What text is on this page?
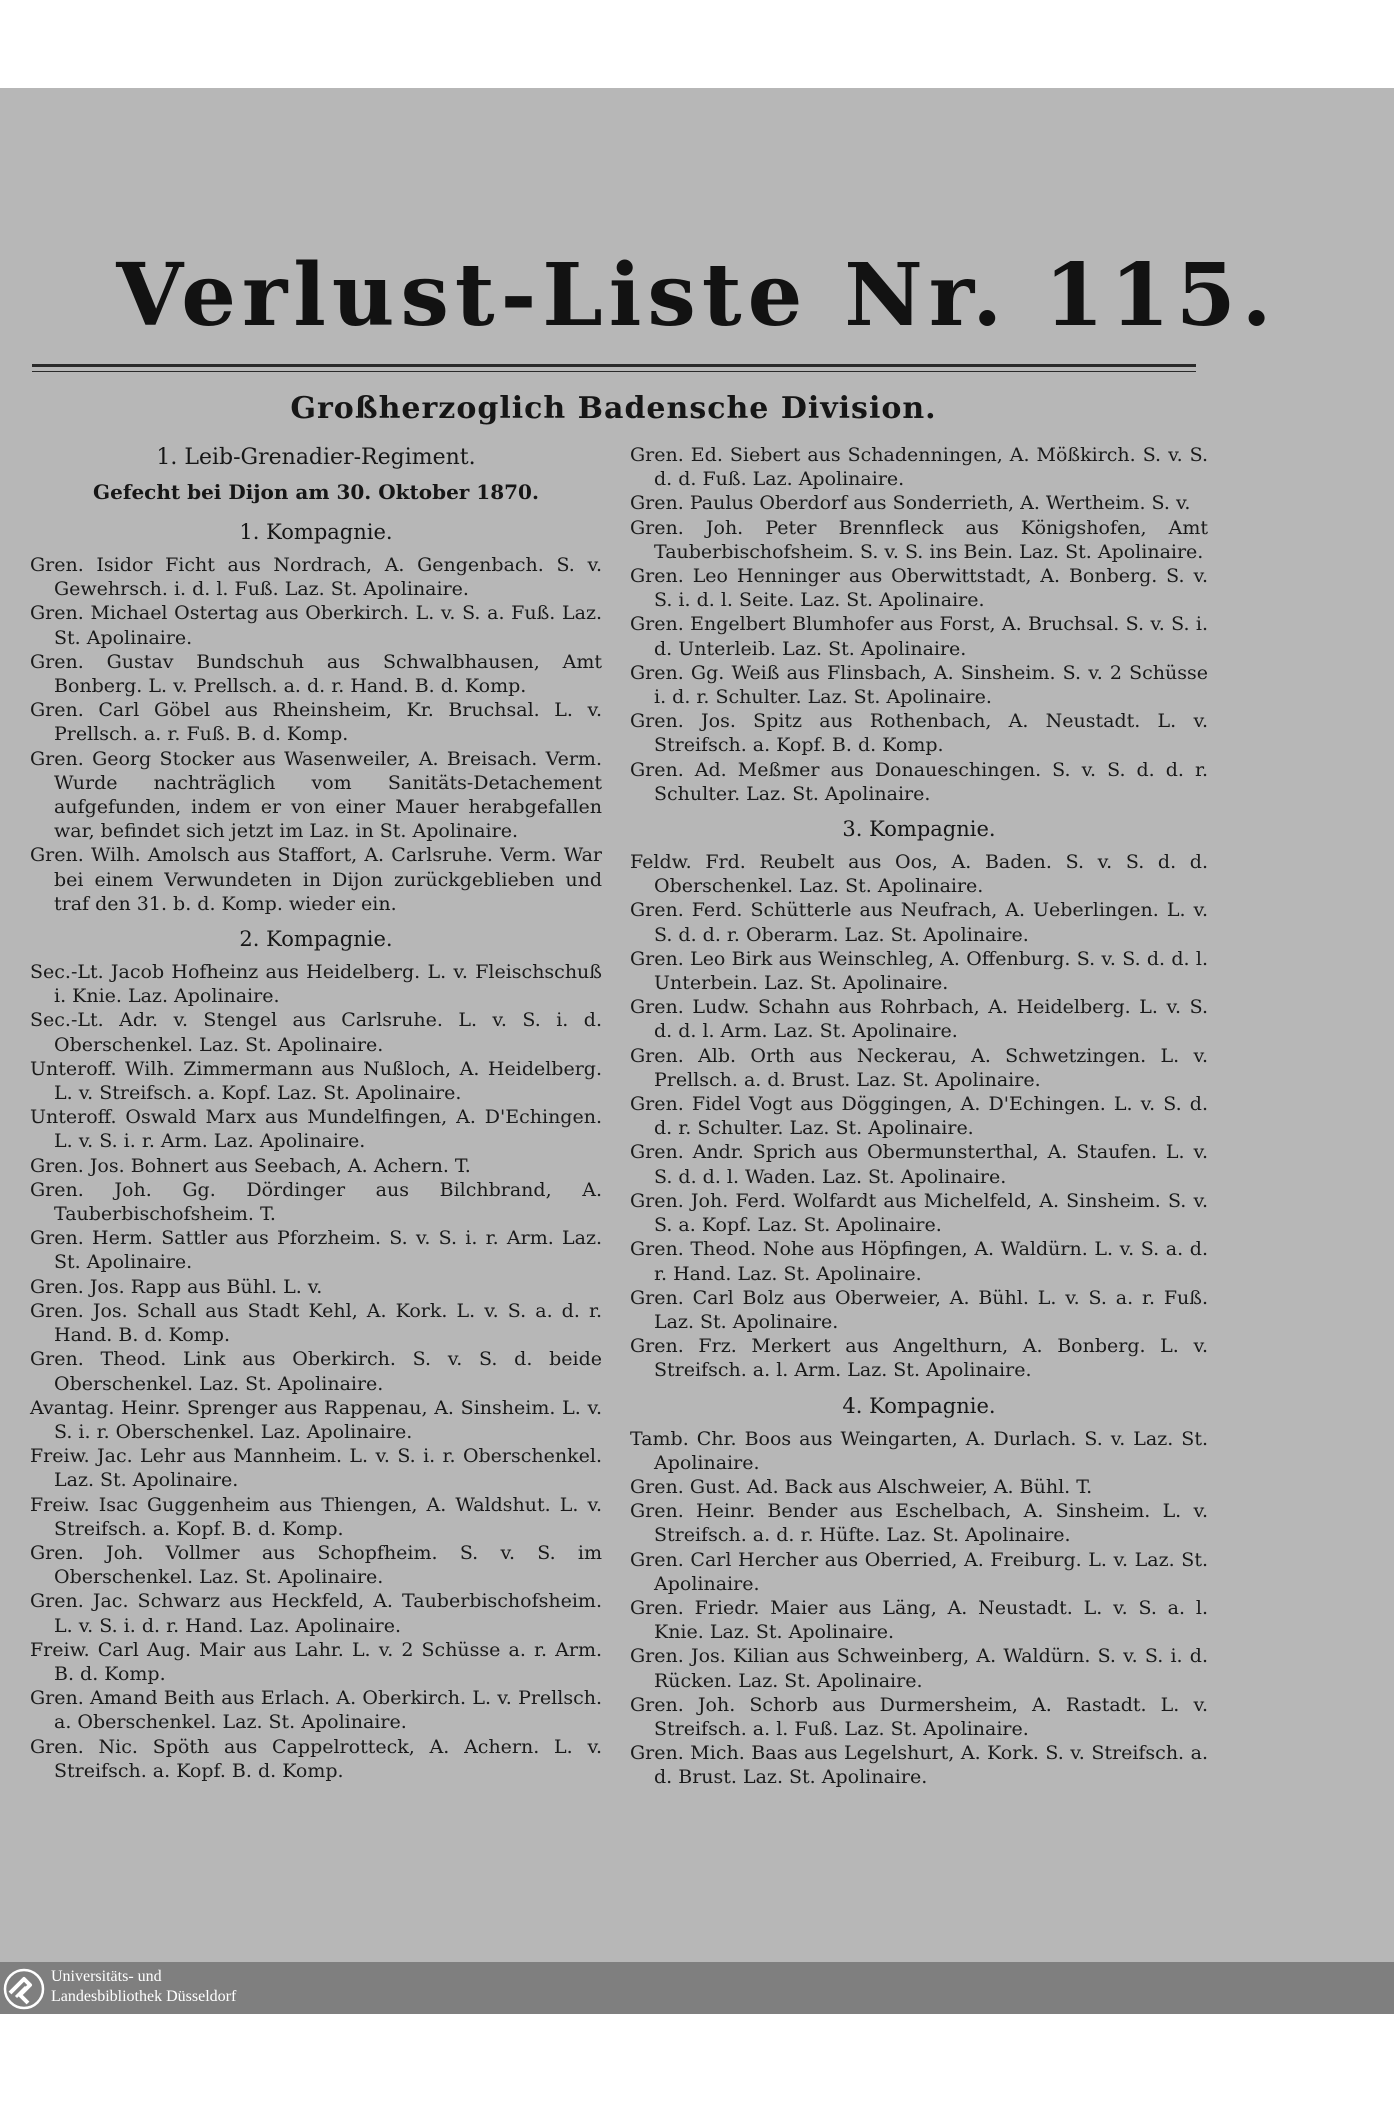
Verlust-Liste Nr. 115.
Großherzoglich Badensche Division.

1. Leib-Grenadier-Regiment.

Gefecht bei Dijon am 30. Oktober 1870.

1. Kompagnie.

Gren. Isidor Ficht aus Nordrach, A. Gengenbach. S. v. Gewehrsch. i. d. l. Fuß. Laz. St. Apolinaire.

Gren. Michael Ostertag aus Oberkirch. L. v. S. a. Fuß. Laz. St. Apolinaire.

Gren. Gustav Bundschuh aus Schwalbhausen, Amt Bonberg. L. v. Prellsch. a. d. r. Hand. B. d. Komp.

Gren. Carl Göbel aus Rheinsheim, Kr. Bruchsal. L. v. Prellsch. a. r. Fuß. B. d. Komp.

Gren. Georg Stocker aus Wasenweiler, A. Breisach. Verm. Wurde nachträglich vom Sanitäts-Detachement aufgefunden, indem er von einer Mauer herabgefallen war, befindet sich jetzt im Laz. in St. Apolinaire.

Gren. Wilh. Amolsch aus Staffort, A. Carlsruhe. Verm. War bei einem Verwundeten in Dijon zurückgeblieben und traf den 31. b. d. Komp. wieder ein.

2. Kompagnie.

Sec.-Lt. Jacob Hofheinz aus Heidelberg. L. v. Fleischschuß i. Knie. Laz. Apolinaire.

Sec.-Lt. Adr. v. Stengel aus Carlsruhe. L. v. S. i. d. Oberschenkel. Laz. St. Apolinaire.

Unteroff. Wilh. Zimmermann aus Nußloch, A. Heidelberg. L. v. Streifsch. a. Kopf. Laz. St. Apolinaire.

Unteroff. Oswald Marx aus Mundelfingen, A. D'Echingen. L. v. S. i. r. Arm. Laz. Apolinaire.

Gren. Jos. Bohnert aus Seebach, A. Achern. T.

Gren. Joh. Gg. Dördinger aus Bilchbrand, A. Tauberbischofsheim. T.

Gren. Herm. Sattler aus Pforzheim. S. v. S. i. r. Arm. Laz. St. Apolinaire.

Gren. Jos. Rapp aus Bühl. L. v.

Gren. Jos. Schall aus Stadt Kehl, A. Kork. L. v. S. a. d. r. Hand. B. d. Komp.

Gren. Theod. Link aus Oberkirch. S. v. S. d. beide Oberschenkel. Laz. St. Apolinaire.

Avantag. Heinr. Sprenger aus Rappenau, A. Sinsheim. L. v. S. i. r. Oberschenkel. Laz. Apolinaire.

Freiw. Jac. Lehr aus Mannheim. L. v. S. i. r. Oberschenkel. Laz. St. Apolinaire.

Freiw. Isac Guggenheim aus Thiengen, A. Waldshut. L. v. Streifsch. a. Kopf. B. d. Komp.

Gren. Joh. Vollmer aus Schopfheim. S. v. S. im Oberschenkel. Laz. St. Apolinaire.

Gren. Jac. Schwarz aus Heckfeld, A. Tauberbischofsheim. L. v. S. i. d. r. Hand. Laz. Apolinaire.

Freiw. Carl Aug. Mair aus Lahr. L. v. 2 Schüsse a. r. Arm. B. d. Komp.

Gren. Amand Beith aus Erlach. A. Oberkirch. L. v. Prellsch. a. Oberschenkel. Laz. St. Apolinaire.

Gren. Nic. Spöth aus Cappelrotteck, A. Achern. L. v. Streifsch. a. Kopf. B. d. Komp.

Gren. Ed. Siebert aus Schadenningen, A. Mößkirch. S. v. S. d. d. Fuß. Laz. Apolinaire.

Gren. Paulus Oberdorf aus Sonderrieth, A. Wertheim. S. v.

Gren. Joh. Peter Brennfleck aus Königshofen, Amt Tauberbischofsheim. S. v. S. ins Bein. Laz. St. Apolinaire.

Gren. Leo Henninger aus Oberwittstadt, A. Bonberg. S. v. S. i. d. l. Seite. Laz. St. Apolinaire.

Gren. Engelbert Blumhofer aus Forst, A. Bruchsal. S. v. S. i. d. Unterleib. Laz. St. Apolinaire.

Gren. Gg. Weiß aus Flinsbach, A. Sinsheim. S. v. 2 Schüsse i. d. r. Schulter. Laz. St. Apolinaire.

Gren. Jos. Spitz aus Rothenbach, A. Neustadt. L. v. Streifsch. a. Kopf. B. d. Komp.

Gren. Ad. Meßmer aus Donaueschingen. S. v. S. d. d. r. Schulter. Laz. St. Apolinaire.

3. Kompagnie.

Feldw. Frd. Reubelt aus Oos, A. Baden. S. v. S. d. d. Oberschenkel. Laz. St. Apolinaire.

Gren. Ferd. Schütterle aus Neufrach, A. Ueberlingen. L. v. S. d. d. r. Oberarm. Laz. St. Apolinaire.

Gren. Leo Birk aus Weinschleg, A. Offenburg. S. v. S. d. d. l. Unterbein. Laz. St. Apolinaire.

Gren. Ludw. Schahn aus Rohrbach, A. Heidelberg. L. v. S. d. d. l. Arm. Laz. St. Apolinaire.

Gren. Alb. Orth aus Neckerau, A. Schwetzingen. L. v. Prellsch. a. d. Brust. Laz. St. Apolinaire.

Gren. Fidel Vogt aus Döggingen, A. D'Echingen. L. v. S. d. d. r. Schulter. Laz. St. Apolinaire.

Gren. Andr. Sprich aus Obermunsterthal, A. Staufen. L. v. S. d. d. l. Waden. Laz. St. Apolinaire.

Gren. Joh. Ferd. Wolfardt aus Michelfeld, A. Sinsheim. S. v. S. a. Kopf. Laz. St. Apolinaire.

Gren. Theod. Nohe aus Höpfingen, A. Waldürn. L. v. S. a. d. r. Hand. Laz. St. Apolinaire.

Gren. Carl Bolz aus Oberweier, A. Bühl. L. v. S. a. r. Fuß. Laz. St. Apolinaire.

Gren. Frz. Merkert aus Angelthurn, A. Bonberg. L. v. Streifsch. a. l. Arm. Laz. St. Apolinaire.

4. Kompagnie.

Tamb. Chr. Boos aus Weingarten, A. Durlach. S. v. Laz. St. Apolinaire.

Gren. Gust. Ad. Back aus Alschweier, A. Bühl. T.

Gren. Heinr. Bender aus Eschelbach, A. Sinsheim. L. v. Streifsch. a. d. r. Hüfte. Laz. St. Apolinaire.

Gren. Carl Hercher aus Oberried, A. Freiburg. L. v. Laz. St. Apolinaire.

Gren. Friedr. Maier aus Läng, A. Neustadt. L. v. S. a. l. Knie. Laz. St. Apolinaire.

Gren. Jos. Kilian aus Schweinberg, A. Waldürn. S. v. S. i. d. Rücken. Laz. St. Apolinaire.

Gren. Joh. Schorb aus Durmersheim, A. Rastadt. L. v. Streifsch. a. l. Fuß. Laz. St. Apolinaire.

Gren. Mich. Baas aus Legelshurt, A. Kork. S. v. Streifsch. a. d. Brust. Laz. St. Apolinaire.

Universitäts- und
Landesbibliothek Düsseldorf
